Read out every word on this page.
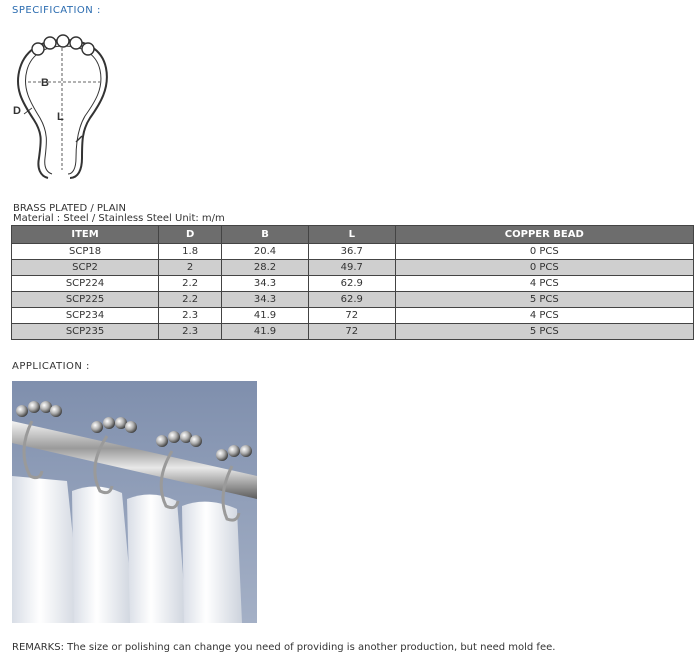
SPECIFICATION :
B
L
D
BRASS PLATED / PLAIN
Material : Steel / Stainless Steel Unit: m/m
ITEM	D	B	L	COPPER BEAD
SCP18	1.8	20.4	36.7	0 PCS
SCP2	2	28.2	49.7	0 PCS
SCP224	2.2	34.3	62.9	4 PCS
SCP225	2.2	34.3	62.9	5 PCS
SCP234	2.3	41.9	72	4 PCS
SCP235	2.3	41.9	72	5 PCS
APPLICATION :
REMARKS: The size or polishing can change you need of providing is another production, but need mold fee.
